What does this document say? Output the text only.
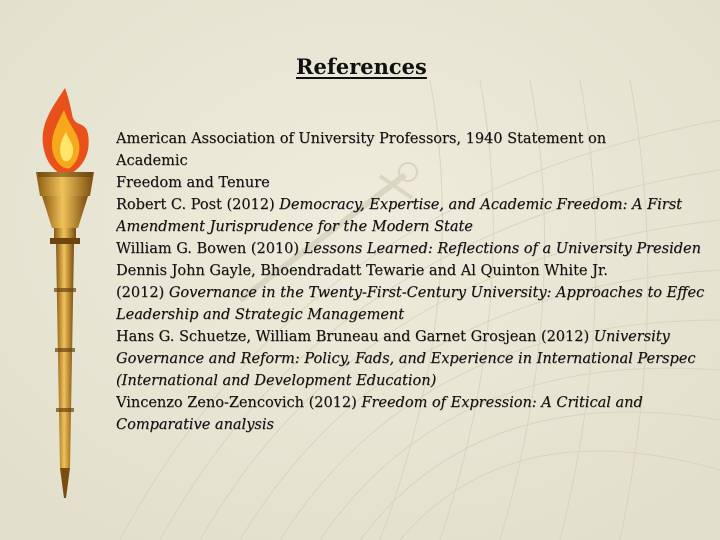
References
American Association of University Professors, 1940 Statement on
Academic
Freedom and Tenure
Robert C. Post (2012) Democracy, Expertise, and Academic Freedom: A First
Amendment Jurisprudence for the Modern State
William G. Bowen (2010) Lessons Learned: Reflections of a University Presiden
Dennis John Gayle, Bhoendradatt Tewarie and Al Quinton White Jr.
(2012) Governance in the Twenty-First-Century University: Approaches to Effec
Leadership and Strategic Management
Hans G. Schuetze, William Bruneau and Garnet Grosjean (2012) University
Governance and Reform: Policy, Fads, and Experience in International Perspec
(International and Development Education)
Vincenzo Zeno-Zencovich (2012) Freedom of Expression: A Critical and
Comparative analysis
